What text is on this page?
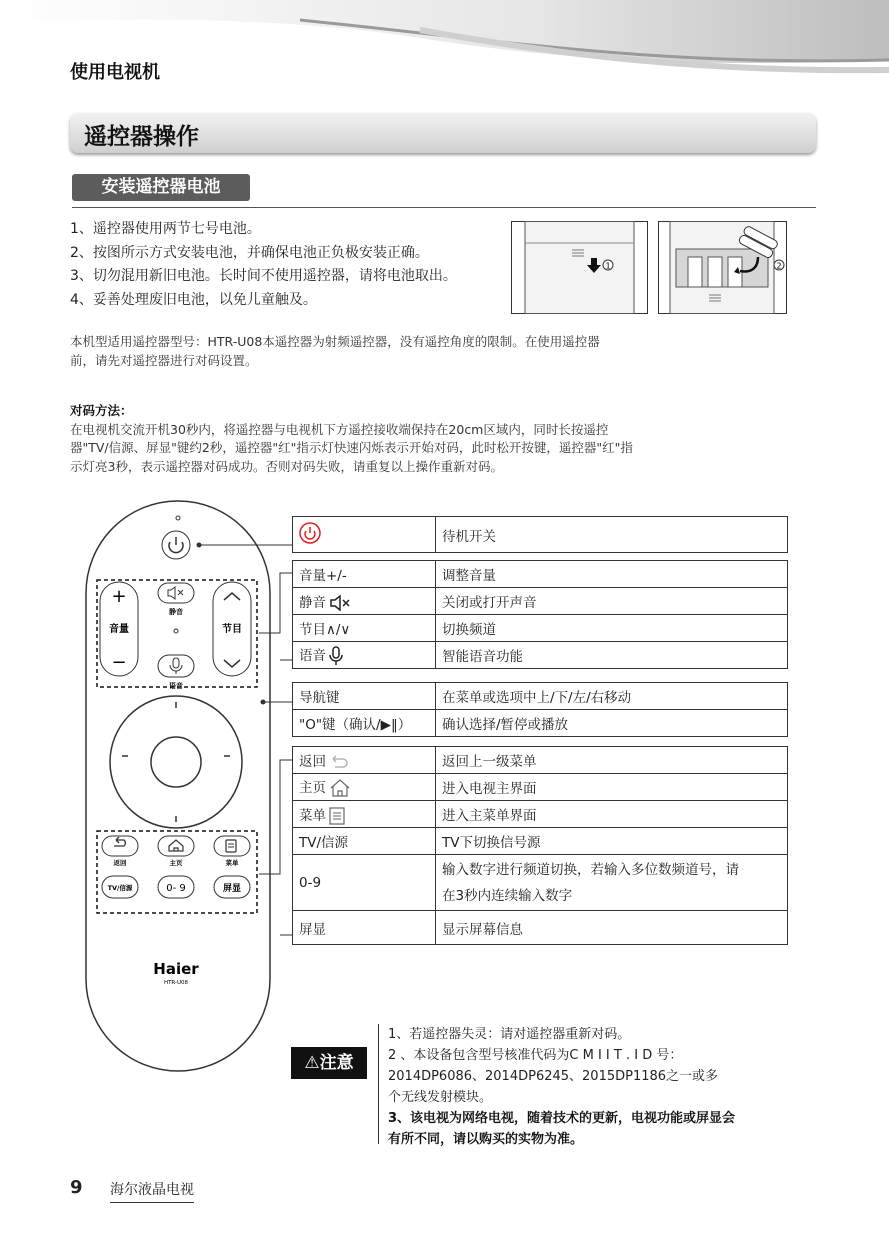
使用电视机
遥控器操作
安装遥控器电池
1、遥控器使用两节七号电池。
2、按图所示方式安装电池，并确保电池正负极安装正确。
3、切勿混用新旧电池。长时间不使用遥控器，请将电池取出。
4、妥善处理废旧电池，以免儿童触及。
1	2
本机型适用遥控器型号：HTR-U08本遥控器为射频遥控器，没有遥控角度的限制。在使用遥控器
前，请先对遥控器进行对码设置。
对码方法：
在电视机交流开机30秒内，将遥控器与电视机下方遥控接收端保持在20cm区域内，同时长按遥控
器"TV/信源、屏显"键约2秒，遥控器"红"指示灯快速闪烁表示开始对码，此时松开按键，遥控器"红"指
示灯亮3秒，表示遥控器对码成功。否则对码失败，请重复以上操作重新对码。
+
音量
−
节目
静音
语音
返回	主页	菜单
TV/信源	0- 9	屏显
Haier
HTR-U08
	待机开关
音量+/-	调整音量
静音	关闭或打开声音
节目∧/∨	切换频道
语音	智能语音功能
导航键	在菜单或选项中上/下/左/右移动
"O"键（确认/▶‖）	确认选择/暂停或播放
返回	返回上一级菜单
主页	进入电视主界面
菜单	进入主菜单界面
TV/信源	TV下切换信号源
0-9	输入数字进行频道切换，若输入多位数频道号，请
在3秒内连续输入数字

屏显	显示屏幕信息
⚠注意
1、若遥控器失灵：请对遥控器重新对码。
2 、本设备包含型号核准代码为C M I I T . I D 号：
2014DP6086、2014DP6245、2015DP1186之一或多
个无线发射模块。
3、该电视为网络电视，随着技术的更新，电视功能或屏显会
有所不同，请以购买的实物为准。
9 海尔液晶电视
